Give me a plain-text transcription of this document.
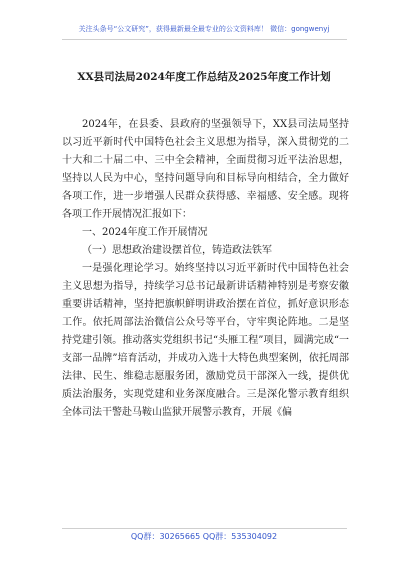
关注头条号“公文研究”，获得最新最全最专业的公文资料库！ 微信：gongwenyj
XX县司法局2024年度工作总结及2025年度工作计划

2024年，在县委、县政府的坚强领导下，XX县司法局坚持以习近平新时代中国特色社会主义思想为指导，深入贯彻党的二十大和二十届二中、三中全会精神，全面贯彻习近平法治思想，坚持以人民为中心，坚持问题导向和目标导向相结合，全力做好各项工作，进一步增强人民群众获得感、幸福感、安全感。现将各项工作开展情况汇报如下：

一、2024年度工作开展情况

（一）思想政治建设摆首位，铸造政法铁军

一是强化理论学习。始终坚持以习近平新时代中国特色社会主义思想为指导，持续学习总书记最新讲话精神特别是考察安徽重要讲话精神，坚持把旗帜鲜明讲政治摆在首位，抓好意识形态工作。依托周部法治微信公众号等平台，守牢舆论阵地。二是坚持党建引领。推动落实党组织书记“头雁工程”项目，圆满完成“一支部一品牌”培育活动，并成功入选十大特色典型案例，依托周部法律、民生、维稳志愿服务团，激励党员干部深入一线，提供优质法治服务，实现党建和业务深度融合。三是深化警示教育组织全体司法干警赴马鞍山监狱开展警示教育，开展《偏

QQ群：30265665 QQ群：535304092
